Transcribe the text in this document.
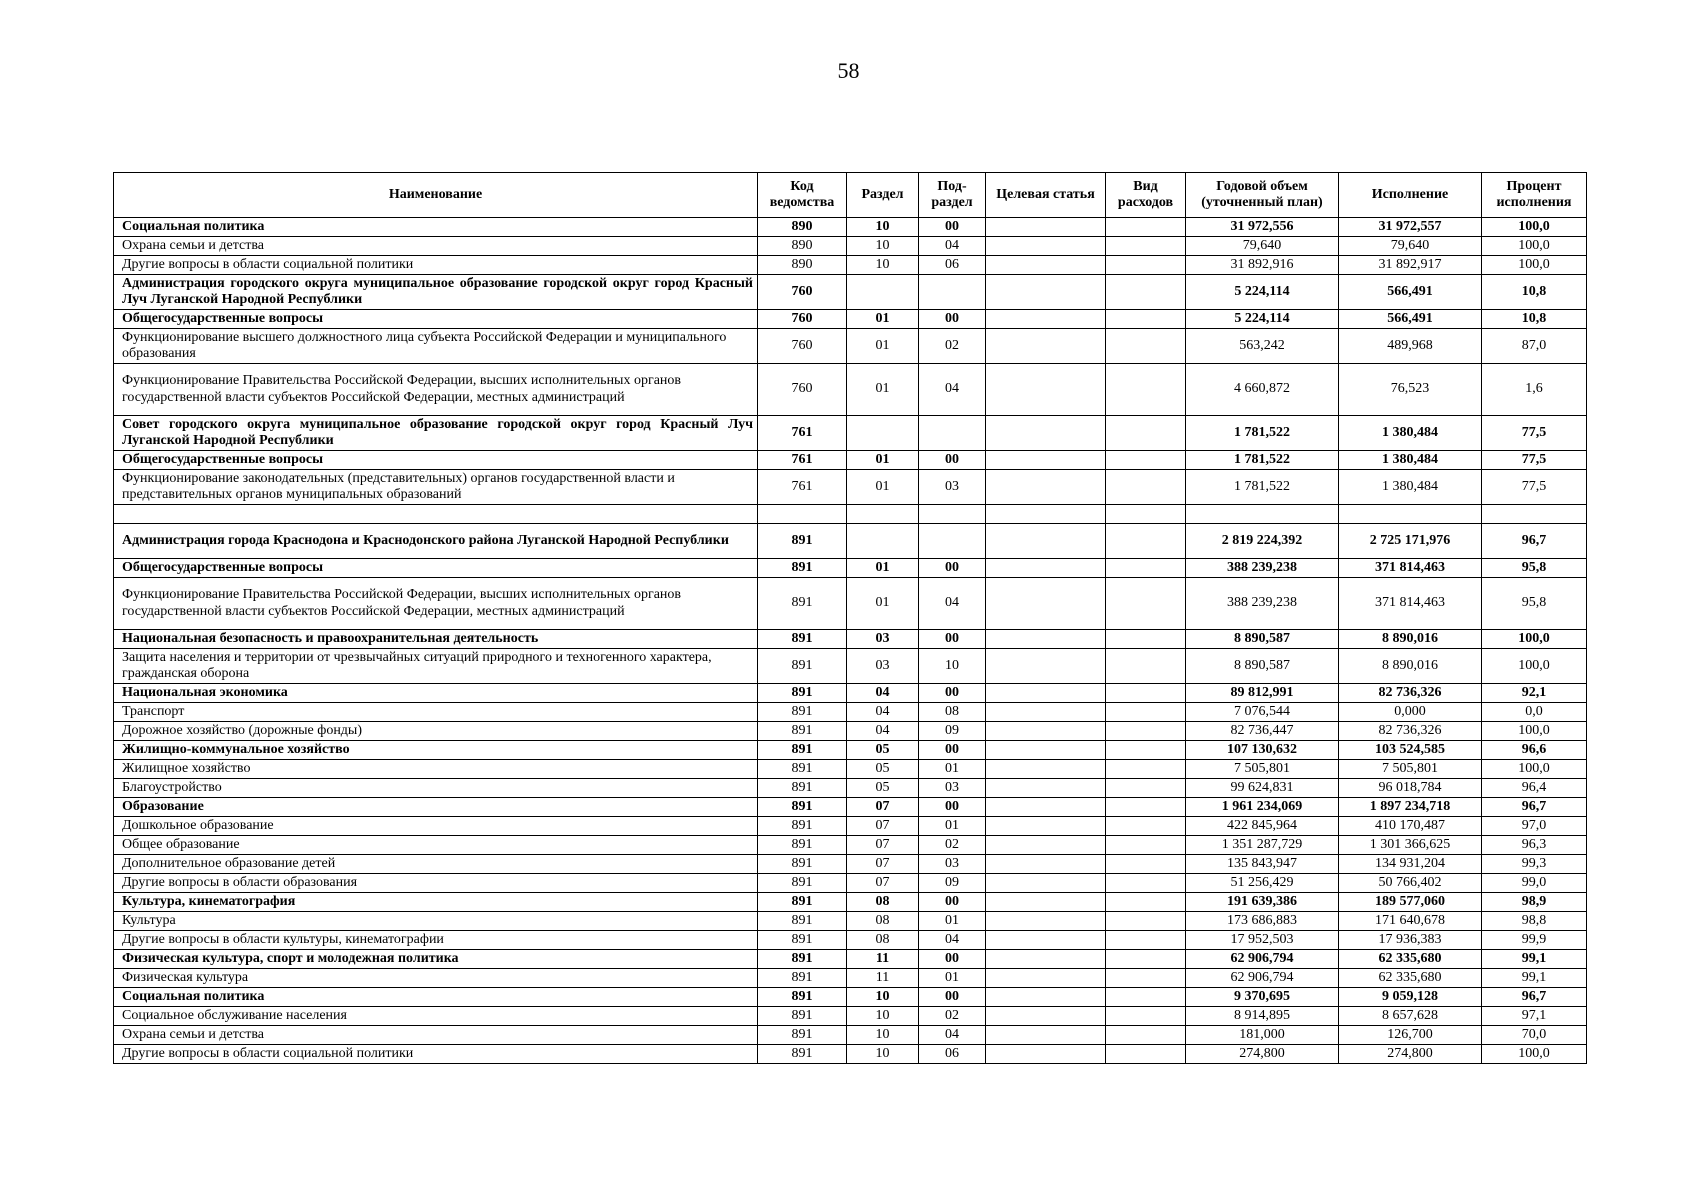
58
Наименование	Код ведомства	Раздел	Под-раздел	Целевая статья	Вид расходов	Годовой объем (уточненный план)	Исполнение	Процент исполнения
Социальная политика	890	10	00			31 972,556	31 972,557	100,0
Охрана семьи и детства	890	10	04			79,640	79,640	100,0
Другие вопросы в области социальной политики	890	10	06			31 892,916	31 892,917	100,0
Администрация городского округа муниципальное образование городской округ город Красный Луч Луганской Народной Республики	760					5 224,114	566,491	10,8
Общегосударственные вопросы	760	01	00			5 224,114	566,491	10,8
Функционирование высшего должностного лица субъекта Российской Федерации и муниципального образования	760	01	02			563,242	489,968	87,0
Функционирование Правительства Российской Федерации, высших исполнительных органов государственной власти субъектов Российской Федерации, местных администраций	760	01	04			4 660,872	76,523	1,6
Совет городского округа муниципальное образование городской округ город Красный Луч Луганской Народной Республики	761					1 781,522	1 380,484	77,5
Общегосударственные вопросы	761	01	00			1 781,522	1 380,484	77,5
Функционирование законодательных (представительных) органов государственной власти и представительных органов муниципальных образований	761	01	03			1 781,522	1 380,484	77,5

Администрация города Краснодона и Краснодонского района Луганской Народной Республики	891					2 819 224,392	2 725 171,976	96,7
Общегосударственные вопросы	891	01	00			388 239,238	371 814,463	95,8
Функционирование Правительства Российской Федерации, высших исполнительных органов государственной власти субъектов Российской Федерации, местных администраций	891	01	04			388 239,238	371 814,463	95,8
Национальная безопасность и правоохранительная деятельность	891	03	00			8 890,587	8 890,016	100,0
Защита населения и территории от чрезвычайных ситуаций природного и техногенного характера, гражданская оборона	891	03	10			8 890,587	8 890,016	100,0
Национальная экономика	891	04	00			89 812,991	82 736,326	92,1
Транспорт	891	04	08			7 076,544	0,000	0,0
Дорожное хозяйство (дорожные фонды)	891	04	09			82 736,447	82 736,326	100,0
Жилищно-коммунальное хозяйство	891	05	00			107 130,632	103 524,585	96,6
Жилищное хозяйство	891	05	01			7 505,801	7 505,801	100,0
Благоустройство	891	05	03			99 624,831	96 018,784	96,4
Образование	891	07	00			1 961 234,069	1 897 234,718	96,7
Дошкольное образование	891	07	01			422 845,964	410 170,487	97,0
Общее образование	891	07	02			1 351 287,729	1 301 366,625	96,3
Дополнительное образование детей	891	07	03			135 843,947	134 931,204	99,3
Другие вопросы в области образования	891	07	09			51 256,429	50 766,402	99,0
Культура, кинематография	891	08	00			191 639,386	189 577,060	98,9
Культура	891	08	01			173 686,883	171 640,678	98,8
Другие вопросы в области культуры, кинематографии	891	08	04			17 952,503	17 936,383	99,9
Физическая культура, спорт и молодежная политика	891	11	00			62 906,794	62 335,680	99,1
Физическая культура	891	11	01			62 906,794	62 335,680	99,1
Социальная политика	891	10	00			9 370,695	9 059,128	96,7
Социальное обслуживание населения	891	10	02			8 914,895	8 657,628	97,1
Охрана семьи и детства	891	10	04			181,000	126,700	70,0
Другие вопросы в области социальной политики	891	10	06			274,800	274,800	100,0
